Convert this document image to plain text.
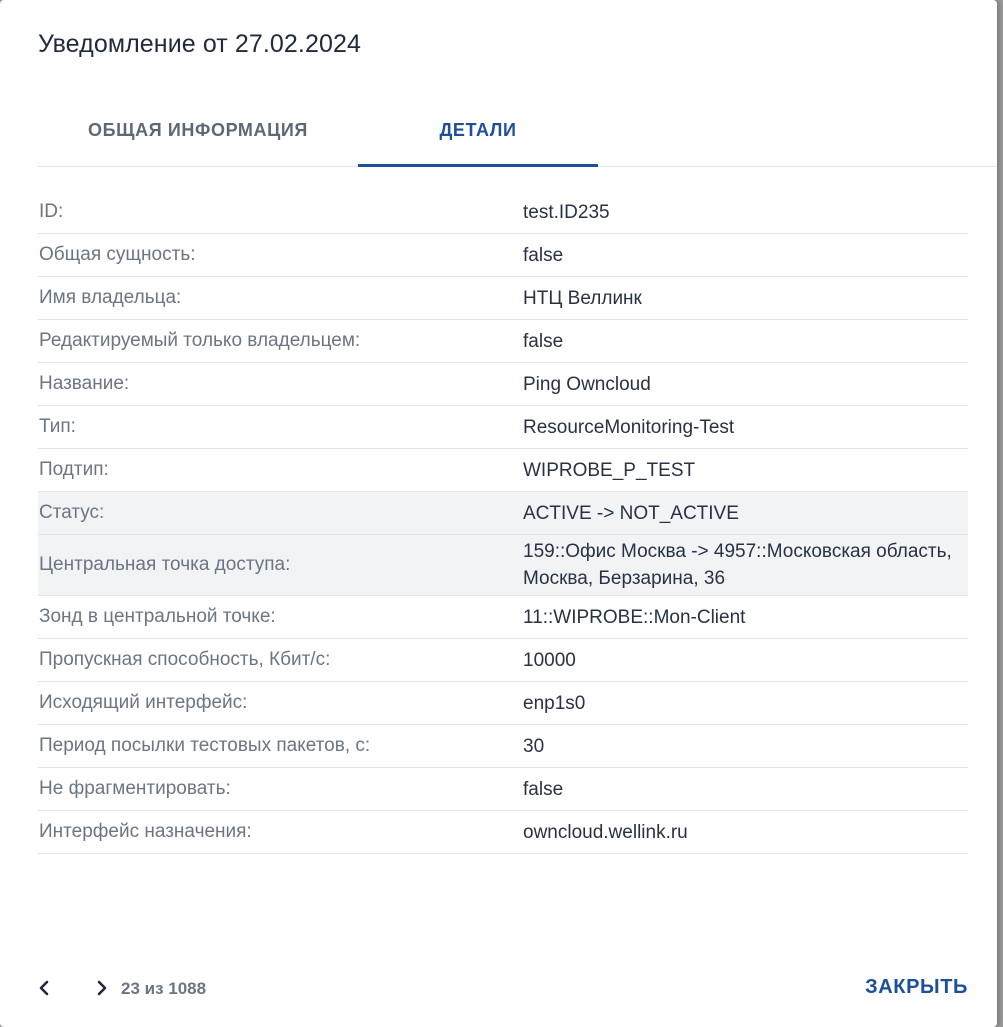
Уведомление от 27.02.2024
ОБЩАЯ ИНФОРМАЦИЯ	ДЕТАЛИ
ID:	test.ID235
Общая сущность:	false
Имя владельца:	НТЦ Веллинк
Редактируемый только владельцем:	false
Название:	Ping Owncloud
Тип:	ResourceMonitoring-Test
Подтип:	WIPROBE_P_TEST
Статус:	ACTIVE -> NOT_ACTIVE
Центральная точка доступа:
159::Офис Москва -> 4957::Московская область, Москва, Берзарина, 36
Зонд в центральной точке:	11::WIPROBE::Mon-Client
Пропускная способность, Кбит/с:	10000
Исходящий интерфейс:	enp1s0
Период посылки тестовых пакетов, с:	30
Не фрагментировать:	false
Интерфейс назначения:	owncloud.wellink.ru
23 из 1088	ЗАКРЫТЬ
